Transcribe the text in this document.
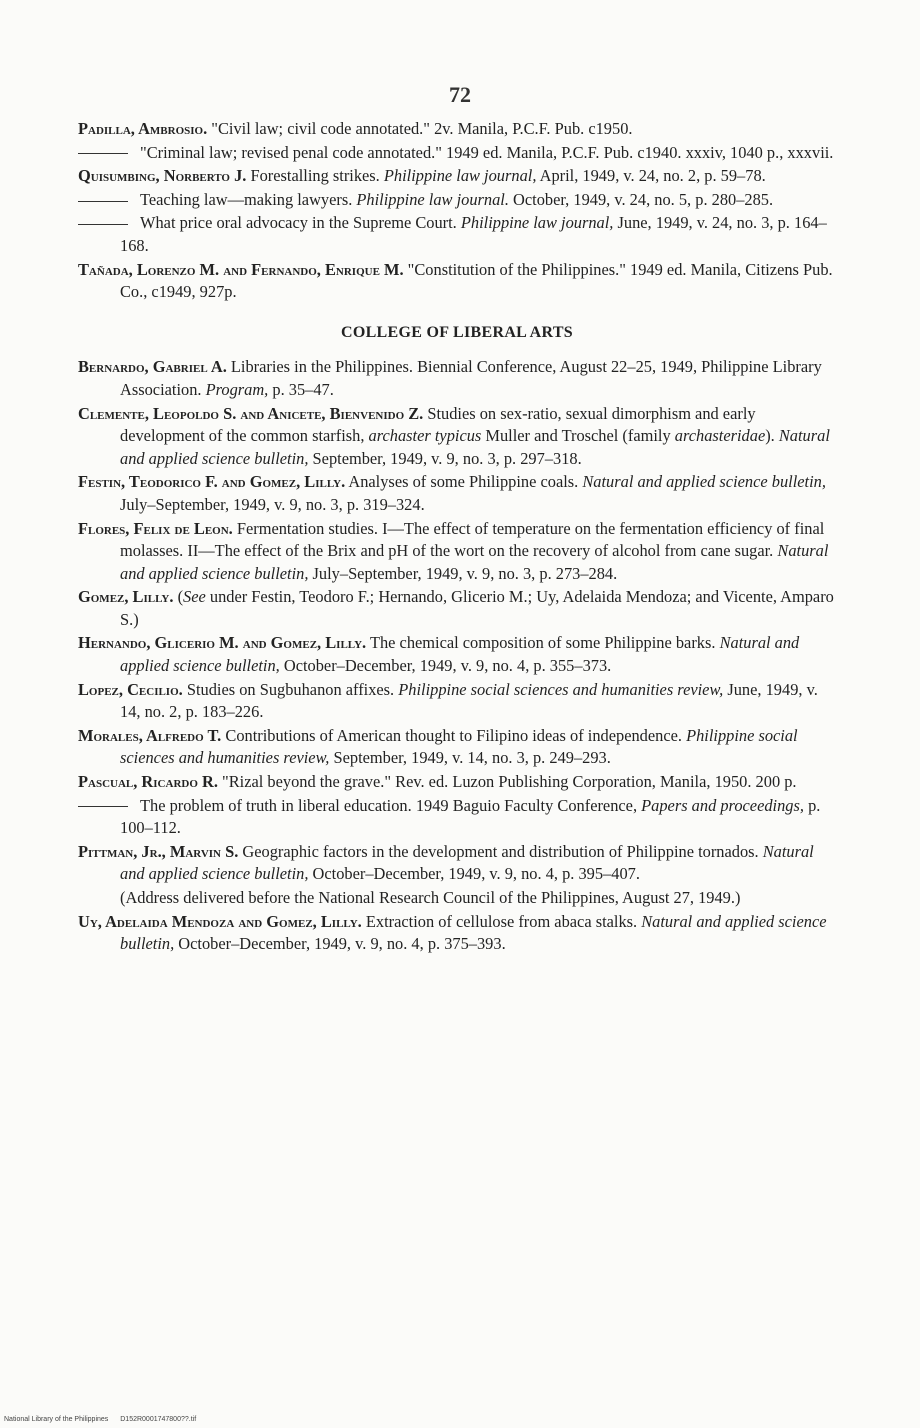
72

Padilla, Ambrosio. "Civil law; civil code annotated." 2v. Manila, P.C.F. Pub. c1950.

"Criminal law; revised penal code annotated." 1949 ed. Manila, P.C.F. Pub. c1940. xxxiv, 1040 p., xxxvii.

Quisumbing, Norberto J. Forestalling strikes. Philippine law journal, April, 1949, v. 24, no. 2, p. 59–78.

Teaching law—making lawyers. Philippine law journal. October, 1949, v. 24, no. 5, p. 280–285.

What price oral advocacy in the Supreme Court. Philippine law journal, June, 1949, v. 24, no. 3, p. 164–168.

Tañada, Lorenzo M. and Fernando, Enrique M. "Constitution of the Philippines." 1949 ed. Manila, Citizens Pub. Co., c1949, 927p.

COLLEGE OF LIBERAL ARTS

Bernardo, Gabriel A. Libraries in the Philippines. Biennial Conference, August 22–25, 1949, Philippine Library Association. Program, p. 35–47.

Clemente, Leopoldo S. and Anicete, Bienvenido Z. Studies on sex-ratio, sexual dimorphism and early development of the common starfish, archaster typicus Muller and Troschel (family archasteridae). Natural and applied science bulletin, September, 1949, v. 9, no. 3, p. 297–318.

Festin, Teodorico F. and Gomez, Lilly. Analyses of some Philippine coals. Natural and applied science bulletin, July–September, 1949, v. 9, no. 3, p. 319–324.

Flores, Felix de Leon. Fermentation studies. I—The effect of temperature on the fermentation efficiency of final molasses. II—The effect of the Brix and pH of the wort on the recovery of alcohol from cane sugar. Natural and applied science bulletin, July–September, 1949, v. 9, no. 3, p. 273–284.

Gomez, Lilly. (See under Festin, Teodoro F.; Hernando, Glicerio M.; Uy, Adelaida Mendoza; and Vicente, Amparo S.)

Hernando, Glicerio M. and Gomez, Lilly. The chemical composition of some Philippine barks. Natural and applied science bulletin, October–December, 1949, v. 9, no. 4, p. 355–373.

Lopez, Cecilio. Studies on Sugbuhanon affixes. Philippine social sciences and humanities review, June, 1949, v. 14, no. 2, p. 183–226.

Morales, Alfredo T. Contributions of American thought to Filipino ideas of independence. Philippine social sciences and humanities review, September, 1949, v. 14, no. 3, p. 249–293.

Pascual, Ricardo R. "Rizal beyond the grave." Rev. ed. Luzon Publishing Corporation, Manila, 1950. 200 p.

The problem of truth in liberal education. 1949 Baguio Faculty Conference, Papers and proceedings, p. 100–112.

Pittman, Jr., Marvin S. Geographic factors in the development and distribution of Philippine tornados. Natural and applied science bulletin, October–December, 1949, v. 9, no. 4, p. 395–407.

(Address delivered before the National Research Council of the Philippines, August 27, 1949.)

Uy, Adelaida Mendoza and Gomez, Lilly. Extraction of cellulose from abaca stalks. Natural and applied science bulletin, October–December, 1949, v. 9, no. 4, p. 375–393.

National Library of the Philippines D152R0001747800??.tif
